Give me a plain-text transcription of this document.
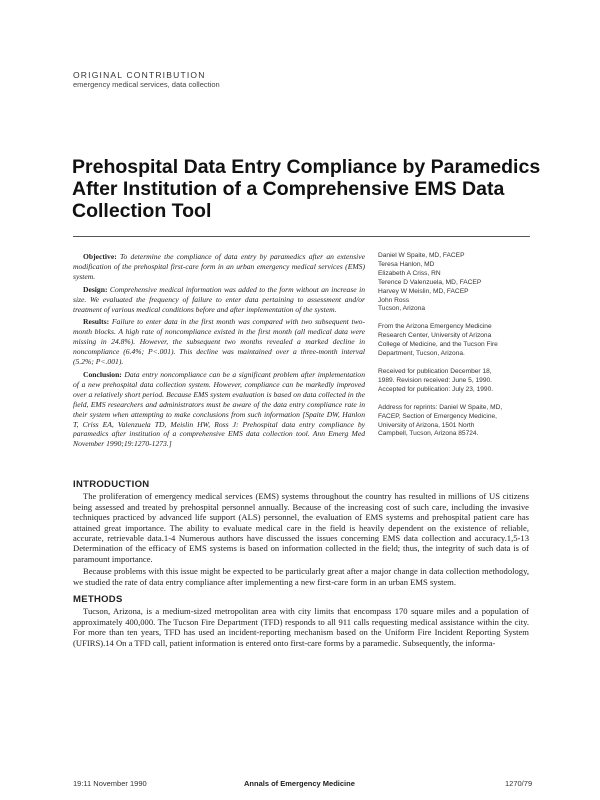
ORIGINAL CONTRIBUTION
emergency medical services, data collection
Prehospital Data Entry Compliance by Paramedics After Institution of a Comprehensive EMS Data Collection Tool

Objective: To determine the compliance of data entry by paramedics after an extensive modification of the prehospital first-care form in an urban emergency medical services (EMS) system.

Design: Comprehensive medical information was added to the form without an increase in size. We evaluated the frequency of failure to enter data pertaining to assessment and/or treatment of various medical conditions before and after implementation of the system.

Results: Failure to enter data in the first month was compared with two subsequent two-month blocks. A high rate of noncompliance existed in the first month (all medical data were missing in 24.8%). However, the subsequent two months revealed a marked decline in noncompliance (6.4%; P<.001). This decline was maintained over a three-month interval (5.2%; P<.001).

Conclusion: Data entry noncompliance can be a significant problem after implementation of a new prehospital data collection system. However, compliance can be markedly improved over a relatively short period. Because EMS system evaluation is based on data collected in the field, EMS researchers and administrators must be aware of the data entry compliance rate in their system when attempting to make conclusions from such information [Spaite DW, Hanlon T, Criss EA, Valenzuela TD, Meislin HW, Ross J: Prehospital data entry compliance by paramedics after institution of a comprehensive EMS data collection tool. Ann Emerg Med November 1990;19:1270-1273.]

Daniel W Spaite, MD, FACEP
Teresa Hanlon, MD
Elizabeth A Criss, RN
Terence D Valenzuela, MD, FACEP
Harvey W Meislin, MD, FACEP
John Ross
Tucson, Arizona

From the Arizona Emergency Medicine
Research Center, University of Arizona
College of Medicine, and the Tucson Fire
Department, Tucson, Arizona.

Received for publication December 18,
1989. Revision received: June 5, 1990.
Accepted for publication: July 23, 1990.

Address for reprints: Daniel W Spaite, MD,
FACEP, Section of Emergency Medicine,
University of Arizona, 1501 North
Campbell, Tucson, Arizona 85724.

INTRODUCTION

The proliferation of emergency medical services (EMS) systems throughout the country has resulted in millions of US citizens being assessed and treated by prehospital personnel annually. Because of the increasing cost of such care, including the invasive techniques practiced by advanced life support (ALS) personnel, the evaluation of EMS systems and prehospital patient care has attained great importance. The ability to evaluate medical care in the field is heavily dependent on the existence of reliable, accurate, retrievable data.1-4 Numerous authors have discussed the issues concerning EMS data collection and accuracy.1,5-13 Determination of the efficacy of EMS systems is based on information collected in the field; thus, the integrity of such data is of paramount importance.

Because problems with this issue might be expected to be particularly great after a major change in data collection methodology, we studied the rate of data entry compliance after implementing a new first-care form in an urban EMS system.

METHODS

Tucson, Arizona, is a medium-sized metropolitan area with city limits that encompass 170 square miles and a population of approximately 400,000. The Tucson Fire Department (TFD) responds to all 911 calls requesting medical assistance within the city. For more than ten years, TFD has used an incident-reporting mechanism based on the Uniform Fire Incident Reporting System (UFIRS).14 On a TFD call, patient information is entered onto first-care forms by a paramedic. Subsequently, the informa-

19:11 November 1990	Annals of Emergency Medicine	1270/79
